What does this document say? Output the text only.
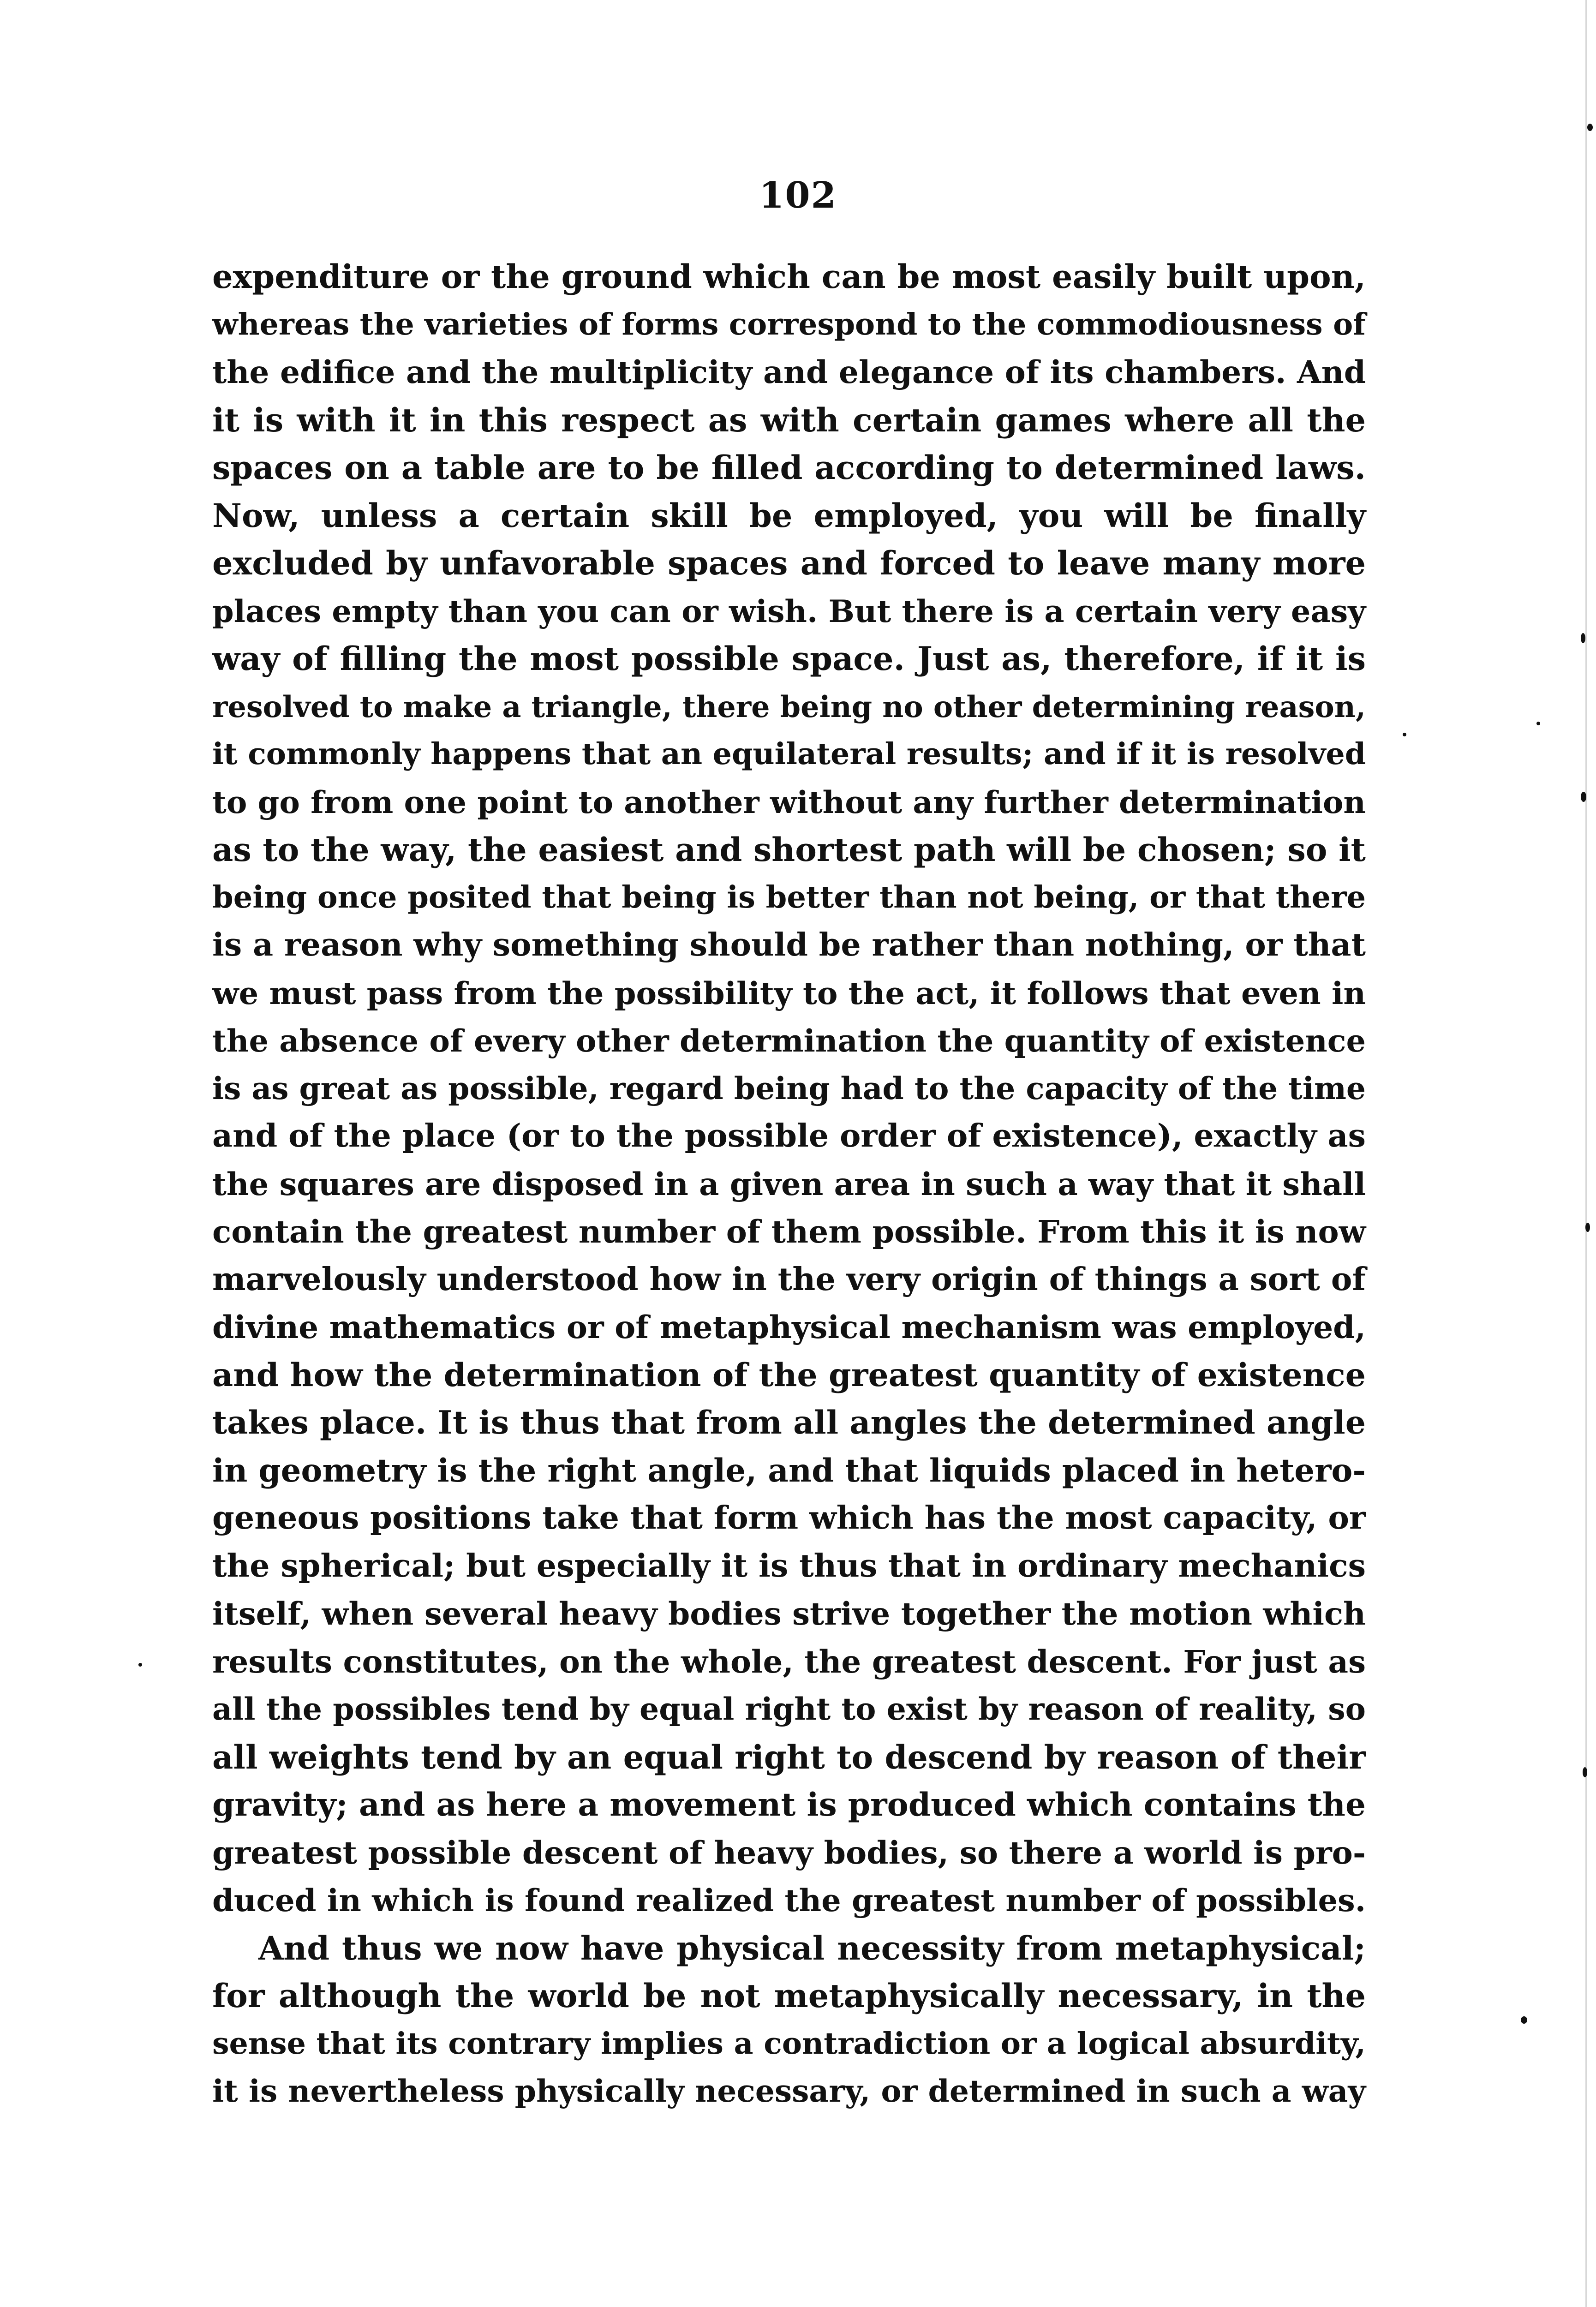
102
expenditure or the ground which can be most easily built upon,
whereas the varieties of forms correspond to the commodiousness of
the edifice and the multiplicity and elegance of its chambers. And
it is with it in this respect as with certain games where all the
spaces on a table are to be filled according to determined laws.
Now, unless a certain skill be employed, you will be finally
excluded by unfavorable spaces and forced to leave many more
places empty than you can or wish. But there is a certain very easy
way of filling the most possible space. Just as, therefore, if it is
resolved to make a triangle, there being no other determining reason,
it commonly happens that an equilateral results; and if it is resolved
to go from one point to another without any further determination
as to the way, the easiest and shortest path will be chosen; so it
being once posited that being is better than not being, or that there
is a reason why something should be rather than nothing, or that
we must pass from the possibility to the act, it follows that even in
the absence of every other determination the quantity of existence
is as great as possible, regard being had to the capacity of the time
and of the place (or to the possible order of existence), exactly as
the squares are disposed in a given area in such a way that it shall
contain the greatest number of them possible. From this it is now
marvelously understood how in the very origin of things a sort of
divine mathematics or of metaphysical mechanism was employed,
and how the determination of the greatest quantity of existence
takes place. It is thus that from all angles the determined angle
in geometry is the right angle, and that liquids placed in hetero-
geneous positions take that form which has the most capacity, or
the spherical; but especially it is thus that in ordinary mechanics
itself, when several heavy bodies strive together the motion which
results constitutes, on the whole, the greatest descent. For just as
all the possibles tend by equal right to exist by reason of reality, so
all weights tend by an equal right to descend by reason of their
gravity; and as here a movement is produced which contains the
greatest possible descent of heavy bodies, so there a world is pro-
duced in which is found realized the greatest number of possibles.
And thus we now have physical necessity from metaphysical;
for although the world be not metaphysically necessary, in the
sense that its contrary implies a contradiction or a logical absurdity,
it is nevertheless physically necessary, or determined in such a way
